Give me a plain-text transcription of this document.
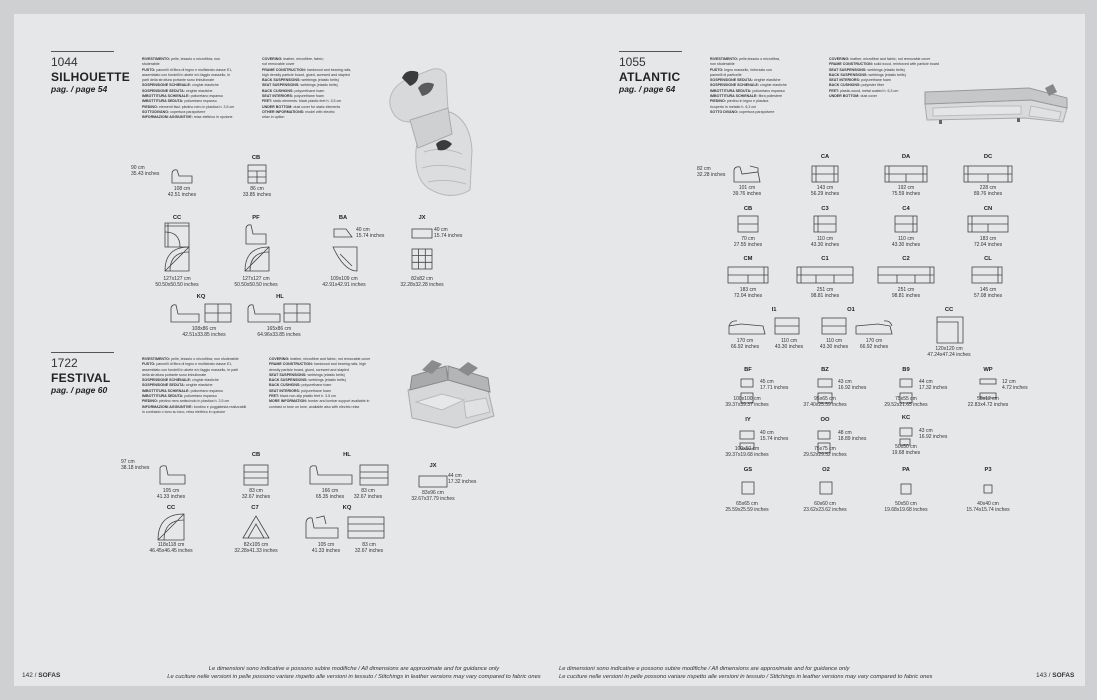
1044
SILHOUETTE
pag. / page 54
RIVESTIMENTO: pelle, tessuto o microfibra; non
sfoderabile
FUSTO: pannelli di fibra di legno e multistrato classe E1,
assemblato con fondelli in abete e/o faggio massello, le
parti della struttura portante sono imbullonate
SOSPENSIONE SCHIENALE: cinghie elastiche
SOSPENSIONE SEDUTA: cinghie elastiche
IMBOTTITURA SCHIENALE: poliuretano espanso
IMBOTTITURA SEDUTA: poliuretano espanso
PIEDINO: elementi fissi: piedino nero in plastica h. 3.5 cm
SOTTODIVANO: copertura parapolvere
INFORMAZIONI AGGIUNTIVE: relax elettrico in opzione
COVERING: leather, microfibre, fabric;
not removable cover
FRAME CONSTRUCTION: hardwood and bearing rails,
high density particle board, glued, screwed and stapled
BACK SUSPENSIONS: webbings (elastic belts)
SEAT SUSPENSIONS: webbings (elastic belts)
BACK CUSHIONS: polyurethane foam
SEAT INTERIORS: polyurethane foam
FEET: static elements: black plastic feet h. 3.5 cm
UNDER BOTTOM: dust cover for static elements
OTHER INFORMATIONS: model with electric
relax in option
90 cm
35.43 inches
108 cm
42.51 inches
CB
86 cm
33.85 inches
CC
127x127 cm
50.50x50.50 inches
PF
127x127 cm
50.50x50.50 inches
BA
40 cm
15.74 inches
109x109 cm
42.91x42.91 inches
JX
40 cm
15.74 inches
82x82 cm
32.28x32.28 inches
KQ
108x86 cm
42.51x33.85 inches
HL
165x86 cm
64.96x33.85 inches
1722
FESTIVAL
pag. / page 60
RIVESTIMENTO: pelle, tessuto o microfibra; non sfoderabile
FUSTO: pannelli di fibra di legno e multistrato classe E1,
assemblato con fondelli in abete e/o faggio massello, le parti
della struttura portante sono imbullonate
SOSPENSIONE SCHIENALE: cinghie elastiche
SOSPENSIONE SEDUTA: cinghie elastiche
IMBOTTITURA SCHIENALE: poliuretano espanso
IMBOTTITURA SEDUTA: poliuretano espanso
PIEDINO: piedino nero antiscivolo in plastica h. 3.5 cm
INFORMAZIONI AGGIUNTIVE: bordino e poggiatesta realizzabili
in contrasto o tono su tono, relax elettrico in opzione
COVERING: leather, microfibre and fabric; not removable cover
FRAME CONSTRUCTION: hardwood and bearing rails, high
density particle board, glued, screwed and stapled
SEAT SUSPENSIONS: webbings (elastic belts)
BACK SUSPENSIONS: webbings (elastic belts)
BACK CUSHIONS: polyurethane foam
SEAT INTERIORS: polyurethane foam
FEET: black non-slip plastic feet h. 3.5 cm
MORE INFORMATION: border and lumbar support available in
contrast or tone on tone, available also with electric relax
97 cm
38.18 inches
105 cm
41.33 inches
CB
83 cm
32.67 inches
HL
166 cm
65.35 inches
83 cm
32.67 inches
JX
44 cm
17.32 inches
83x96 cm
32.67x37.79 inches
CC
118x118 cm
46.45x46.45 inches
C7
82x105 cm
32.28x41.33 inches
KQ
105 cm
41.33 inches
83 cm
32.67 inches
Le dimensioni sono indicative e possono subire modifiche / All dimensions are approximate and for guidance only
Le cuciture nelle versioni in pelle possono variare rispetto alle versioni in tessuto / Stitchings in leather versions may vary compared to fabric ones
142 / SOFAS
1055
ATLANTIC
pag. / page 64
RIVESTIMENTO: pelle,tessuto o microfibra,
non sfoderabile
FUSTO: legno massello, rinforzato con
pannelli di particelle
SOSPENSIONE SEDUTA: cinghie elastiche
SOSPENSIONE SCHIENALE: cinghie elastiche
IMBOTTITURA SEDUTA: poliuretano espanso
IMBOTTITURA SCHIENALE: fibra poliestere
PIEDINO: piedino in legno e plastica
ricoperto in metallo h. 6,3 cm
SOTTO DIVANO: copertura parapolvere
COVERING: leather, microfibre and fabric; not removable cover
FRAME CONSTRUCTION: solid wood, reinforced with particle board
SEAT SUSPENSIONS: webbings (elastic belts)
BACK SUSPENSIONS: webbings (elastic belts)
SEAT INTERIORS: polyurethane foam
BACK CUSHIONS: polyester fiber
FEET: plastic-wood, metal coated h. 6,3 cm
UNDER BOTTOM: dust cover
82 cm
32.28 inches
101 cm
39.76 inches
CA
143 cm
56.29 inches
DA
192 cm
75.59 inches
DC
228 cm
89.76 inches
CB
70 cm
27.55 inches
C3
110 cm
43.30 inches
C4
110 cm
43.30 inches
CN
183 cm
72.04 inches
CM
183 cm
72.04 inches
C1
251 cm
98.81 inches
C2
251 cm
98.81 inches
CL
145 cm
57.08 inches
I1
170 cm
66.92 inches
110 cm
43.30 inches
O1
110 cm
43.30 inches
170 cm
66.92 inches
CC
120x120 cm
47.24x47.24 inches
BF
45 cm
17.71 inches
100x100 cm
39.37x39.37 inches
BZ
43 cm
16.92 inches
95x65 cm
37.40x25.59 inches
B9
44 cm
17.32 inches
75x55 cm
29.52x21.65 inches
WP
12 cm
4.72 inches
58x12 cm
22.83x4.72 inches
IY
40 cm
15.74 inches
100x50 cm
39.37x19.68 inches
OO
48 cm
18.89 inches
75x75 cm
29.52x29.52 inches
KC
43 cm
16.92 inches
50x50 cm
19.68 inches
GS
65x65 cm
25.59x25.59 inches
O2
60x60 cm
23.62x23.62 inches
PA
50x50 cm
19.68x19.68 inches
P3
40x40 cm
15.74x15.74 inches
Le dimensioni sono indicative e possono subire modifiche / All dimensions are approximate and for guidance only
Le cuciture nelle versioni in pelle possono variare rispetto alle versioni in tessuto / Stitchings in leather versions may vary compared to fabric ones	143 / SOFAS
